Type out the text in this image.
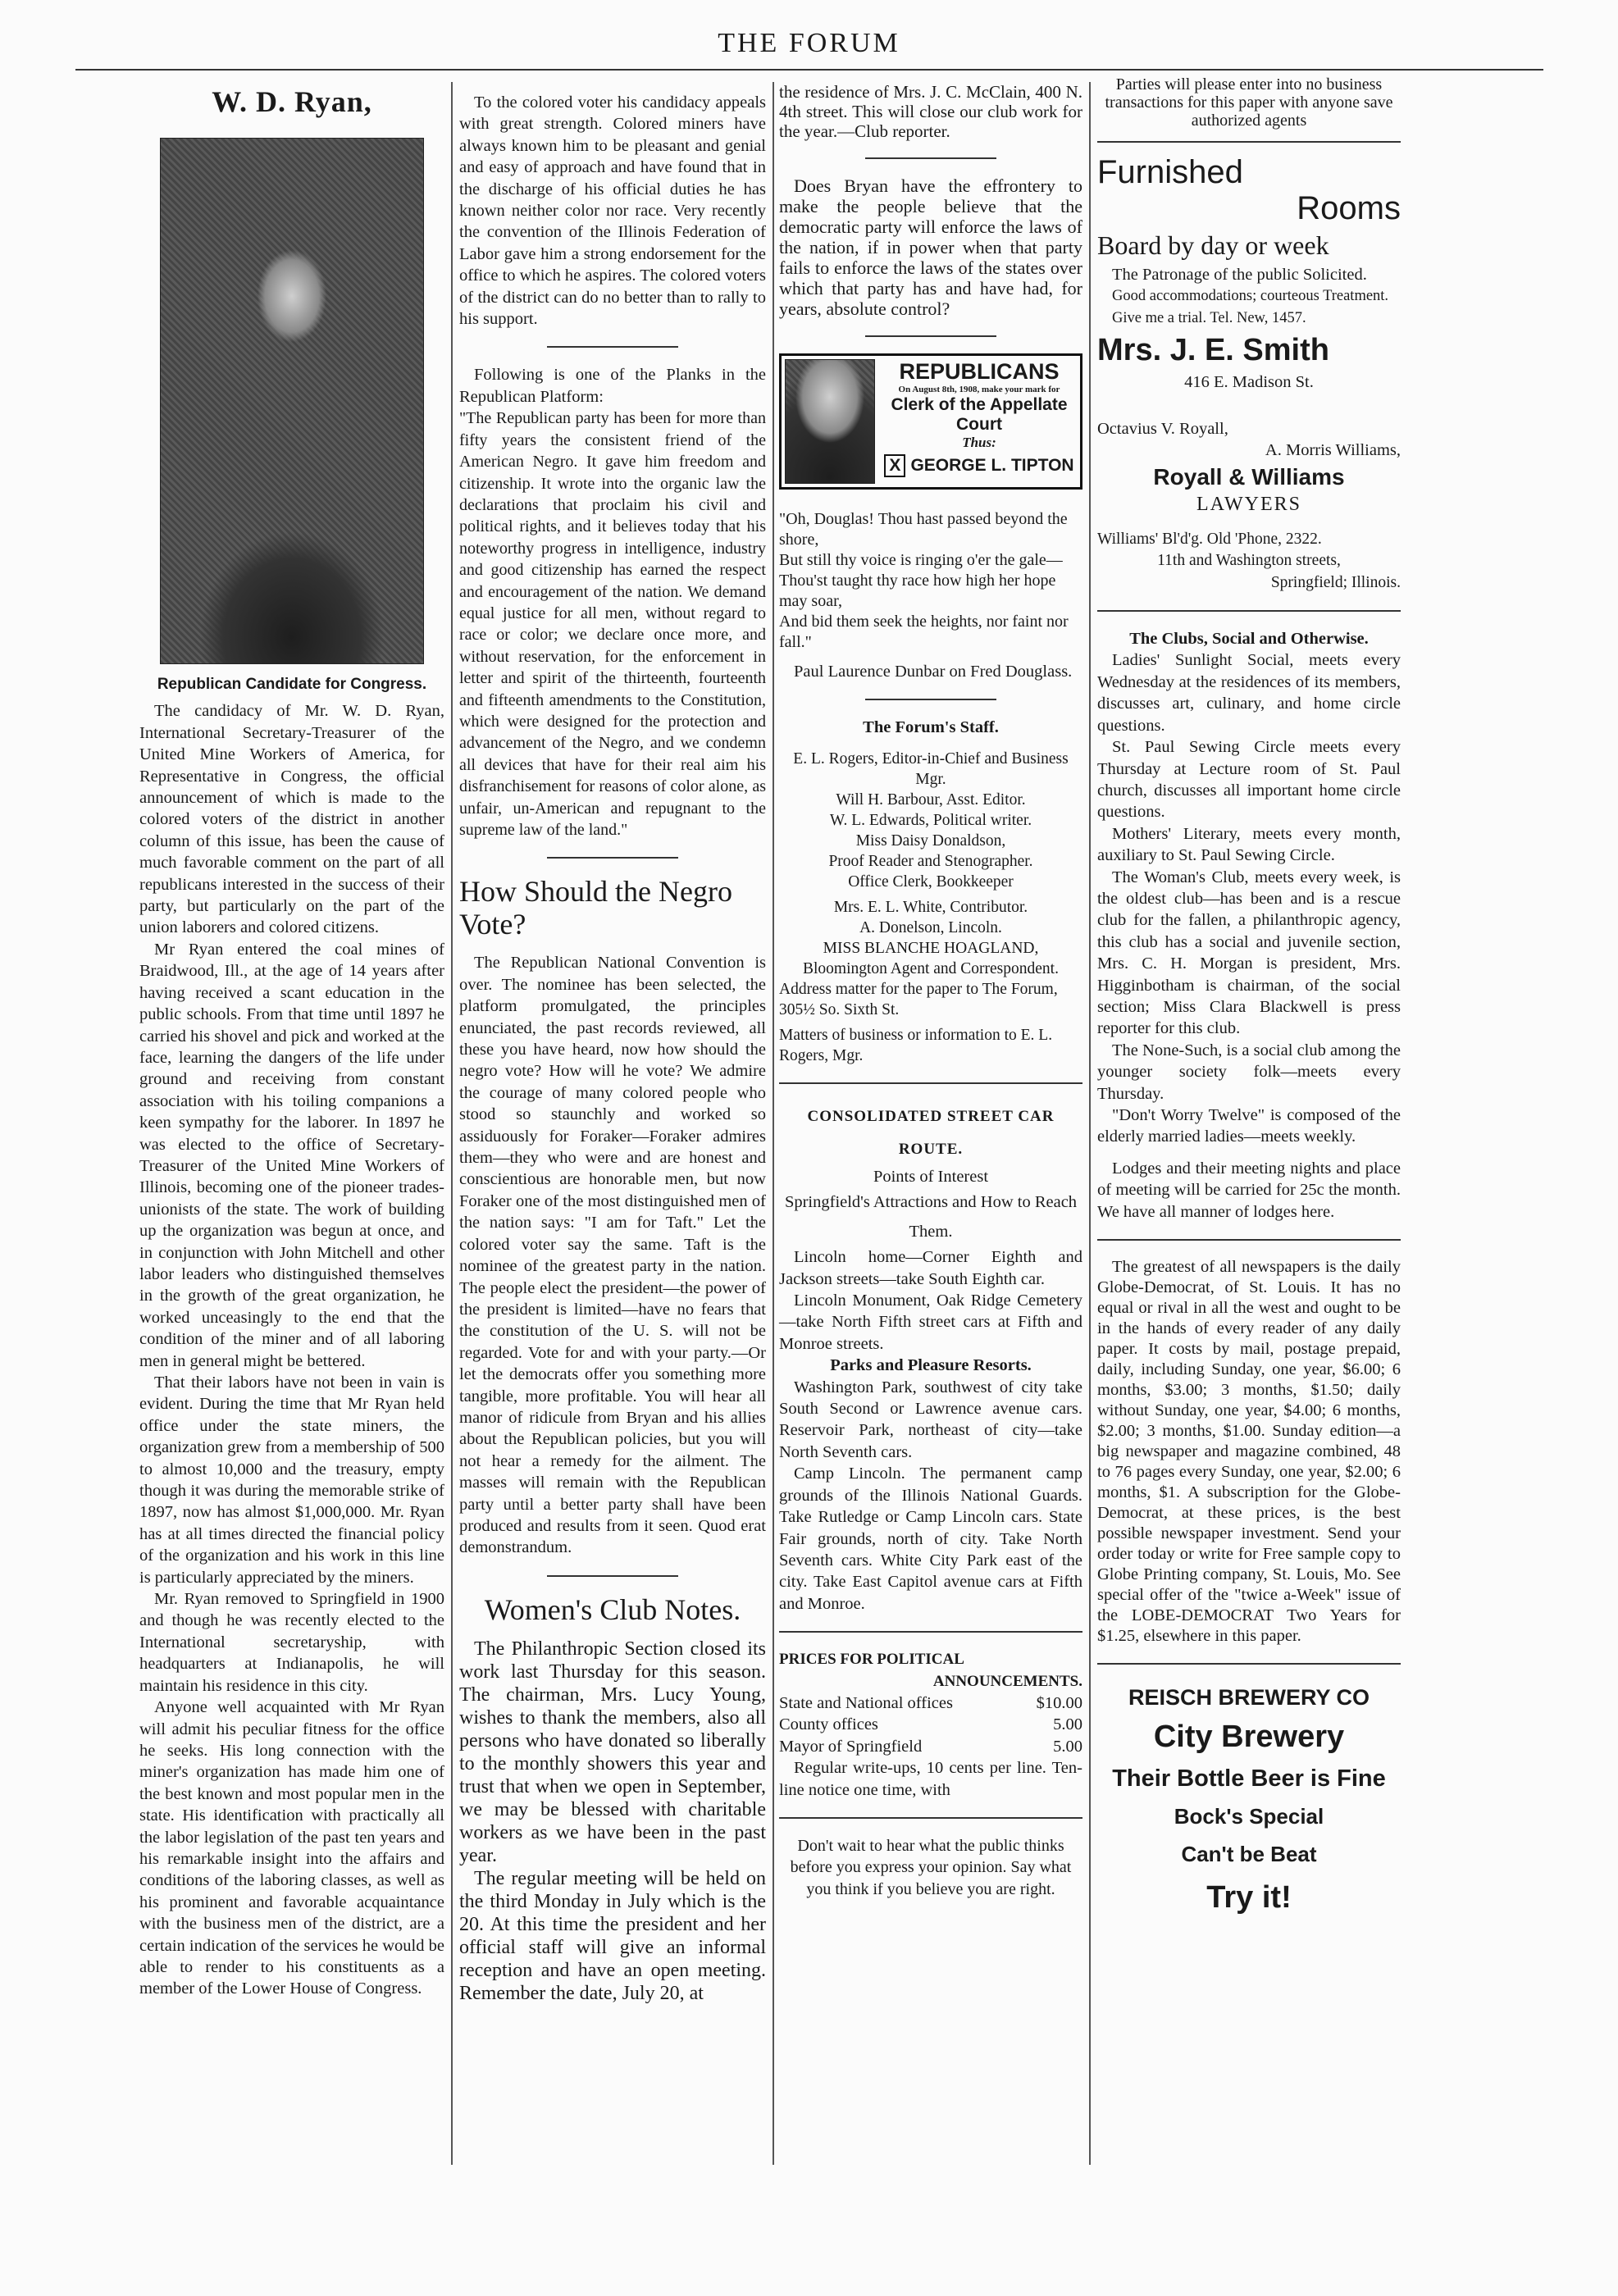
THE FORUM
W. D. Ryan,
Republican Candidate for Congress.

The candidacy of Mr. W. D. Ryan, International Secretary-Treasurer of the United Mine Workers of America, for Representative in Congress, the official announcement of which is made to the colored voters of the district in another column of this issue, has been the cause of much favorable comment on the part of all republicans interested in the success of their party, but particularly on the part of the union laborers and colored citizens.

Mr Ryan entered the coal mines of Braidwood, Ill., at the age of 14 years after having received a scant education in the public schools. From that time until 1897 he carried his shovel and pick and worked at the face, learning the dangers of the life under ground and receiving from constant association with his toiling companions a keen sympathy for the laborer. In 1897 he was elected to the office of Secretary-Treasurer of the United Mine Workers of Illinois, becoming one of the pioneer trades-unionists of the state. The work of building up the organization was begun at once, and in conjunction with John Mitchell and other labor leaders who distinguished themselves in the growth of the great organization, he worked unceasingly to the end that the condition of the miner and of all laboring men in general might be bettered.

That their labors have not been in vain is evident. During the time that Mr Ryan held office under the state miners, the organization grew from a membership of 500 to almost 10,000 and the treasury, empty though it was during the memorable strike of 1897, now has almost $1,000,000. Mr. Ryan has at all times directed the financial policy of the organization and his work in this line is particularly appreciated by the miners.

Mr. Ryan removed to Springfield in 1900 and though he was recently elected to the International secretaryship, with headquarters at Indianapolis, he will maintain his residence in this city.

Anyone well acquainted with Mr Ryan will admit his peculiar fitness for the office he seeks. His long connection with the miner's organization has made him one of the best known and most popular men in the state. His identification with practically all the labor legislation of the past ten years and his remarkable insight into the affairs and conditions of the laboring classes, as well as his prominent and favorable acquaintance with the business men of the district, are a certain indication of the services he would be able to render to his constituents as a member of the Lower House of Congress.

To the colored voter his candidacy appeals with great strength. Colored miners have always known him to be pleasant and genial and easy of approach and have found that in the discharge of his official duties he has known neither color nor race. Very recently the convention of the Illinois Federation of Labor gave him a strong endorsement for the office to which he aspires. The colored voters of the district can do no better than to rally to his support.

Following is one of the Planks in the Republican Platform:

"The Republican party has been for more than fifty years the consistent friend of the American Negro. It gave him freedom and citizenship. It wrote into the organic law the declarations that proclaim his civil and political rights, and it believes today that his noteworthy progress in intelligence, industry and good citizenship has earned the respect and encouragement of the nation. We demand equal justice for all men, without regard to race or color; we declare once more, and without reservation, for the enforcement in letter and spirit of the thirteenth, fourteenth and fifteenth amendments to the Constitution, which were designed for the protection and advancement of the Negro, and we condemn all devices that have for their real aim his disfranchisement for reasons of color alone, as unfair, un-American and repugnant to the supreme law of the land."

How Should the Negro Vote?

The Republican National Convention is over. The nominee has been selected, the platform promulgated, the principles enunciated, the past records reviewed, all these you have heard, now how should the negro vote? How will he vote? We admire the courage of many colored people who stood so staunchly and worked so assiduously for Foraker—Foraker admires them—they who were and are honest and conscientious are honorable men, but now Foraker one of the most distinguished men of the nation says: "I am for Taft." Let the colored voter say the same. Taft is the nominee of the greatest party in the nation. The people elect the president—the power of the president is limited—have no fears that the constitution of the U. S. will not be regarded. Vote for and with your party.—Or let the democrats offer you something more tangible, more profitable. You will hear all manor of ridicule from Bryan and his allies about the Republican policies, but you will not hear a remedy for the ailment. The masses will remain with the Republican party until a better party shall have been produced and results from it seen. Quod erat demonstrandum.

Women's Club Notes.

The Philanthropic Section closed its work last Thursday for this season. The chairman, Mrs. Lucy Young, wishes to thank the members, also all persons who have donated so liberally to the monthly showers this year and trust that when we open in September, we may be blessed with charitable workers as we have been in the past year.

The regular meeting will be held on the third Monday in July which is the 20. At this time the president and her official staff will give an informal reception and have an open meeting. Remember the date, July 20, at

the residence of Mrs. J. C. McClain, 400 N. 4th street. This will close our club work for the year.—Club reporter.

Does Bryan have the effrontery to make the people believe that the democratic party will enforce the laws of the nation, if in power when that party fails to enforce the laws of the states over which that party has and have had, for years, absolute control?

REPUBLICANS
On August 8th, 1908, make your mark for
Clerk of the Appellate Court
Thus:
X GEORGE L. TIPTON
"Oh, Douglas! Thou hast passed beyond the shore,
But still thy voice is ringing o'er the gale—
Thou'st taught thy race how high her hope may soar,
And bid them seek the heights, nor faint nor fall."

Paul Laurence Dunbar on Fred Douglass.

The Forum's Staff.
E. L. Rogers, Editor-in-Chief and Business Mgr.
Will H. Barbour, Asst. Editor.
W. L. Edwards, Political writer.
Miss Daisy Donaldson,
Proof Reader and Stenographer.
Office Clerk, Bookkeeper
Mrs. E. L. White, Contributor.
A. Donelson, Lincoln.
MISS BLANCHE HOAGLAND,
Bloomington Agent and Correspondent.
Address matter for the paper to The Forum, 305½ So. Sixth St.
Matters of business or information to E. L. Rogers, Mgr.
CONSOLIDATED STREET CAR ROUTE.
Points of Interest
Springfield's Attractions and How to Reach Them.

Lincoln home—Corner Eighth and Jackson streets—take South Eighth car.

Lincoln Monument, Oak Ridge Cemetery—take North Fifth street cars at Fifth and Monroe streets.

Parks and Pleasure Resorts.

Washington Park, southwest of city take South Second or Lawrence avenue cars. Reservoir Park, northeast of city—take North Seventh cars.

Camp Lincoln. The permanent camp grounds of the Illinois National Guards. Take Rutledge or Camp Lincoln cars. State Fair grounds, north of city. Take North Seventh cars. White City Park east of the city. Take East Capitol avenue cars at Fifth and Monroe.

PRICES FOR POLITICAL
ANNOUNCEMENTS.
State and National offices	$10.00
County offices	5.00
Mayor of Springfield	5.00

Regular write-ups, 10 cents per line. Ten-line notice one time, with

Don't wait to hear what the public thinks before you express your opinion. Say what you think if you believe you are right.

Parties will please enter into no business transactions for this paper with anyone save authorized agents

Furnished
Rooms
Board by day or week

The Patronage of the public Solicited.

Good accommodations; courteous Treatment.

Give me a trial. Tel. New, 1457.

Mrs. J. E. Smith
416 E. Madison St.
Octavius V. Royall,
A. Morris Williams,
Royall & Williams
LAWYERS
Williams' Bl'd'g. Old 'Phone, 2322.
11th and Washington streets,
Springfield; Illinois.
The Clubs, Social and Otherwise.

Ladies' Sunlight Social, meets every Wednesday at the residences of its members, discusses art, culinary, and home circle questions.

St. Paul Sewing Circle meets every Thursday at Lecture room of St. Paul church, discusses all important home circle questions.

Mothers' Literary, meets every month, auxiliary to St. Paul Sewing Circle.

The Woman's Club, meets every week, is the oldest club—has been and is a rescue club for the fallen, a philanthropic agency, this club has a social and juvenile section, Mrs. C. H. Morgan is president, Mrs. Higginbotham is chairman, of the social section; Miss Clara Blackwell is press reporter for this club.

The None-Such, is a social club among the younger society folk—meets every Thursday.

"Don't Worry Twelve" is composed of the elderly married ladies—meets weekly.

Lodges and their meeting nights and place of meeting will be carried for 25c the month. We have all manner of lodges here.

The greatest of all newspapers is the daily Globe-Democrat, of St. Louis. It has no equal or rival in all the west and ought to be in the hands of every reader of any daily paper. It costs by mail, postage prepaid, daily, including Sunday, one year, $6.00; 6 months, $3.00; 3 months, $1.50; daily without Sunday, one year, $4.00; 6 months, $2.00; 3 months, $1.00. Sunday edition—a big newspaper and magazine combined, 48 to 76 pages every Sunday, one year, $2.00; 6 months, $1. A subscription for the Globe-Democrat, at these prices, is the best possible newspaper investment. Send your order today or write for Free sample copy to Globe Printing company, St. Louis, Mo. See special offer of the "twice a-Week" issue of the LOBE-DEMOCRAT Two Years for $1.25, elsewhere in this paper.

REISCH BREWERY CO
City Brewery
Their Bottle Beer is Fine
Bock's Special
Can't be Beat
Try it!
